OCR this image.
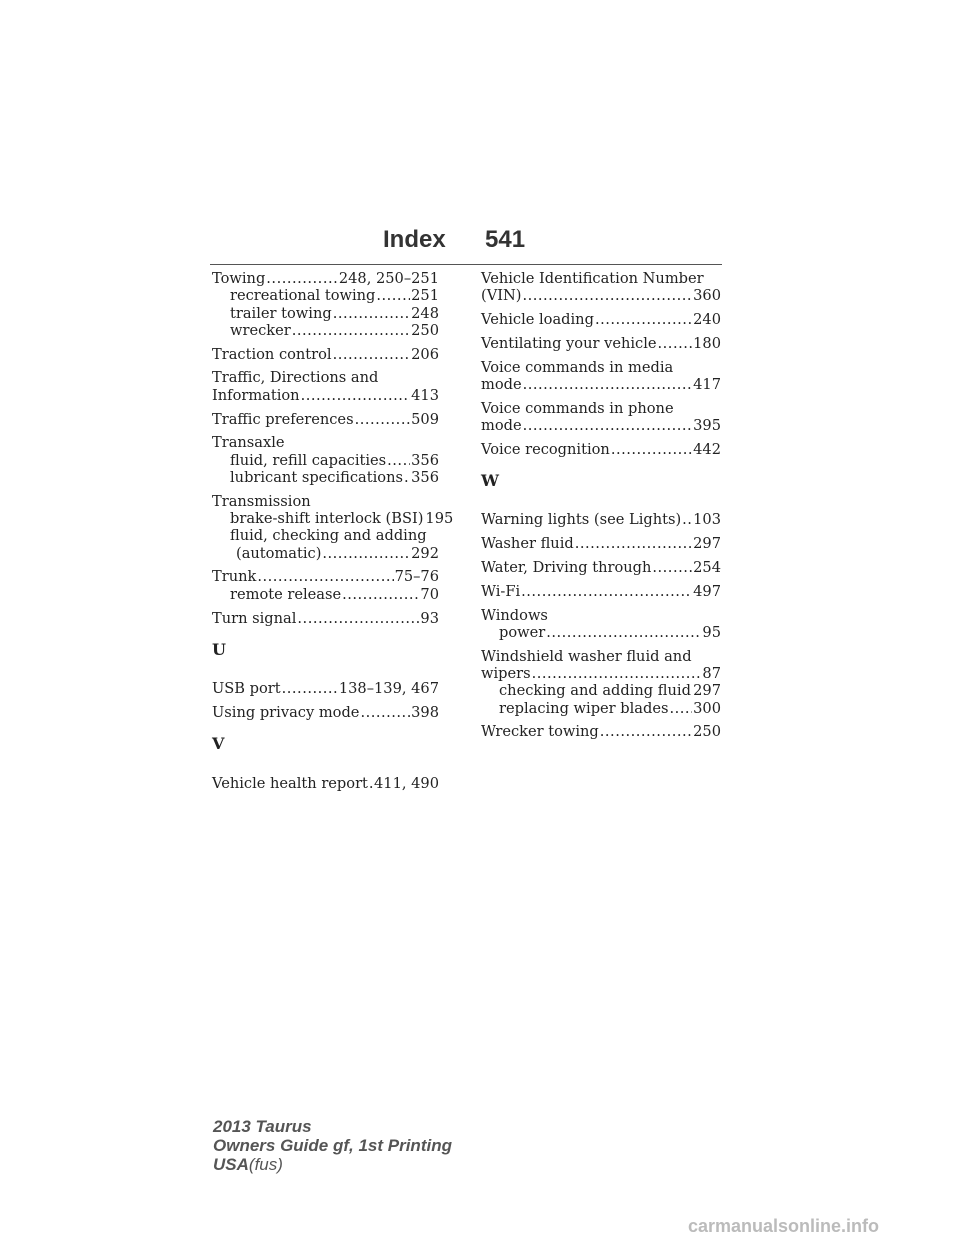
Index 541
Towing .....	248, 250–251
recreational towing ..... 251
trailer towing .....	248
wrecker .....	250
Traction control .....	206
Traffic, Directions and
Information .....	413
Traffic preferences .....	509
Transaxle
fluid, refill capacities ..... 356
lubricant specifications ..... 356
Transmission
brake-shift interlock (BSI) 195
fluid, checking and adding
(automatic) .....	292
Trunk .....	75–76
remote release .....	70
Turn signal .....	93
U
USB port .....	138–139, 467
Using privacy mode .....	398
V
Vehicle health report ..... 411, 490
Vehicle Identification Number
(VIN) .....	360
Vehicle loading .....	240
Ventilating your vehicle .....	180
Voice commands in media
mode .....	417
Voice commands in phone
mode .....	395
Voice recognition .....	442
W
Warning lights (see Lights) ..... 103
Washer fluid .....	297
Water, Driving through .....	254
Wi-Fi .....	497
Windows
power .....	95
Windshield washer fluid and
wipers .....	87
checking and adding fluid ..... 297
replacing wiper blades ..... 300
Wrecker towing .....	250
2013 Taurus
Owners Guide gf, 1st Printing
USA(fus)
carmanualsonline.info
